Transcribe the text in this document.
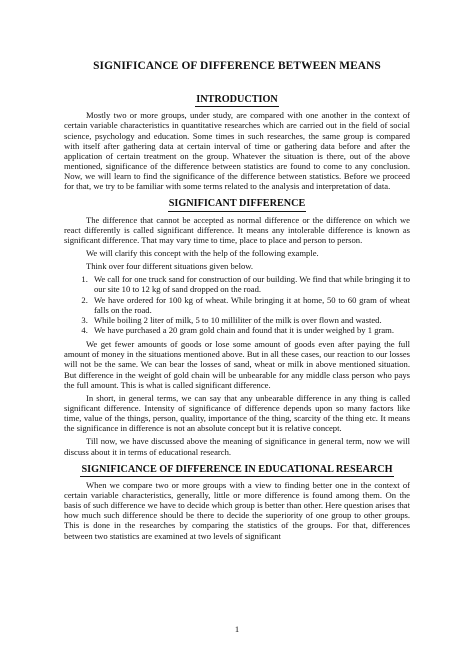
SIGNIFICANCE OF DIFFERENCE BETWEEN MEANS
INTRODUCTION

Mostly two or more groups, under study, are compared with one another in the context of certain variable characteristics in quantitative researches which are carried out in the field of social science, psychology and education. Some times in such researches, the same group is compared with itself after gathering data at certain interval of time or gathering data before and after the application of certain treatment on the group. Whatever the situation is there, out of the above mentioned, significance of the difference between statistics are found to come to any conclusion. Now, we will learn to find the significance of the difference between statistics. Before we proceed for that, we try to be familiar with some terms related to the analysis and interpretation of data.

SIGNIFICANT DIFFERENCE

The difference that cannot be accepted as normal difference or the difference on which we react differently is called significant difference. It means any intolerable difference is known as significant difference. That may vary time to time, place to place and person to person.

We will clarify this concept with the help of the following example.

Think over four different situations given below.

1. We call for one truck sand for construction of our building. We find that while bringing it to our site 10 to 12 kg of sand dropped on the road.
2. We have ordered for 100 kg of wheat. While bringing it at home, 50 to 60 gram of wheat falls on the road.
3. While boiling 2 liter of milk, 5 to 10 milliliter of the milk is over flown and wasted.
4. We have purchased a 20 gram gold chain and found that it is under weighed by 1 gram.

We get fewer amounts of goods or lose some amount of goods even after paying the full amount of money in the situations mentioned above. But in all these cases, our reaction to our losses will not be the same. We can bear the losses of sand, wheat or milk in above mentioned situation. But difference in the weight of gold chain will be unbearable for any middle class person who pays the full amount. This is what is called significant difference.

In short, in general terms, we can say that any unbearable difference in any thing is called significant difference. Intensity of significance of difference depends upon so many factors like time, value of the things, person, quality, importance of the thing, scarcity of the thing etc. It means the significance in difference is not an absolute concept but it is relative concept.

Till now, we have discussed above the meaning of significance in general term, now we will discuss about it in terms of educational research.

SIGNIFICANCE OF DIFFERENCE IN EDUCATIONAL RESEARCH

When we compare two or more groups with a view to finding better one in the context of certain variable characteristics, generally, little or more difference is found among them. On the basis of such difference we have to decide which group is better than other. Here question arises that how much such difference should be there to decide the superiority of one group to other groups. This is done in the researches by comparing the statistics of the groups. For that, differences between two statistics are examined at two levels of significant

1
